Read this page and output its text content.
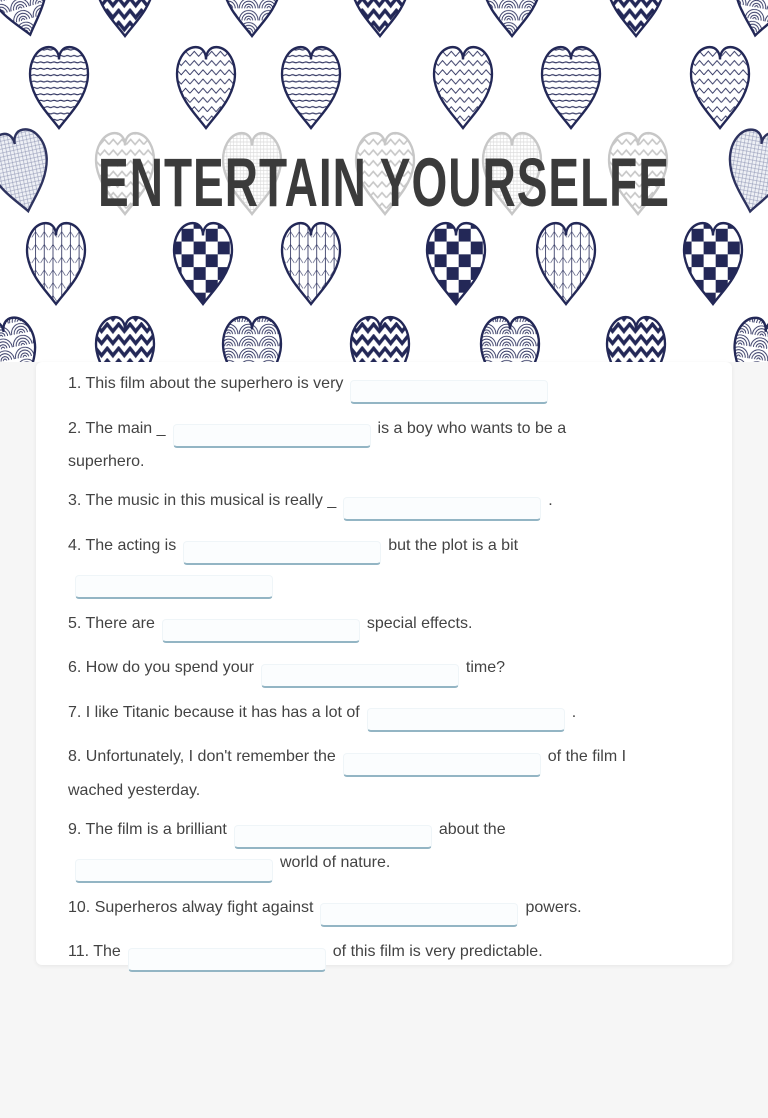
ENTERTAIN YOURSELFE

1. This film about the superhero is very

2. The main _	is a boy who wants to be a
superhero.

3. The music in this musical is really _	.

4. The acting is	but the plot is a bit

5. There are	special effects.

6. How do you spend your	time?

7. I like Titanic because it has has a lot of	.

8. Unfortunately, I don't remember the	of the film I
wached yesterday.

9. The film is a brilliant	about the
world of nature.

10. Superheros alway fight against	powers.

11. The	of this film is very predictable.
